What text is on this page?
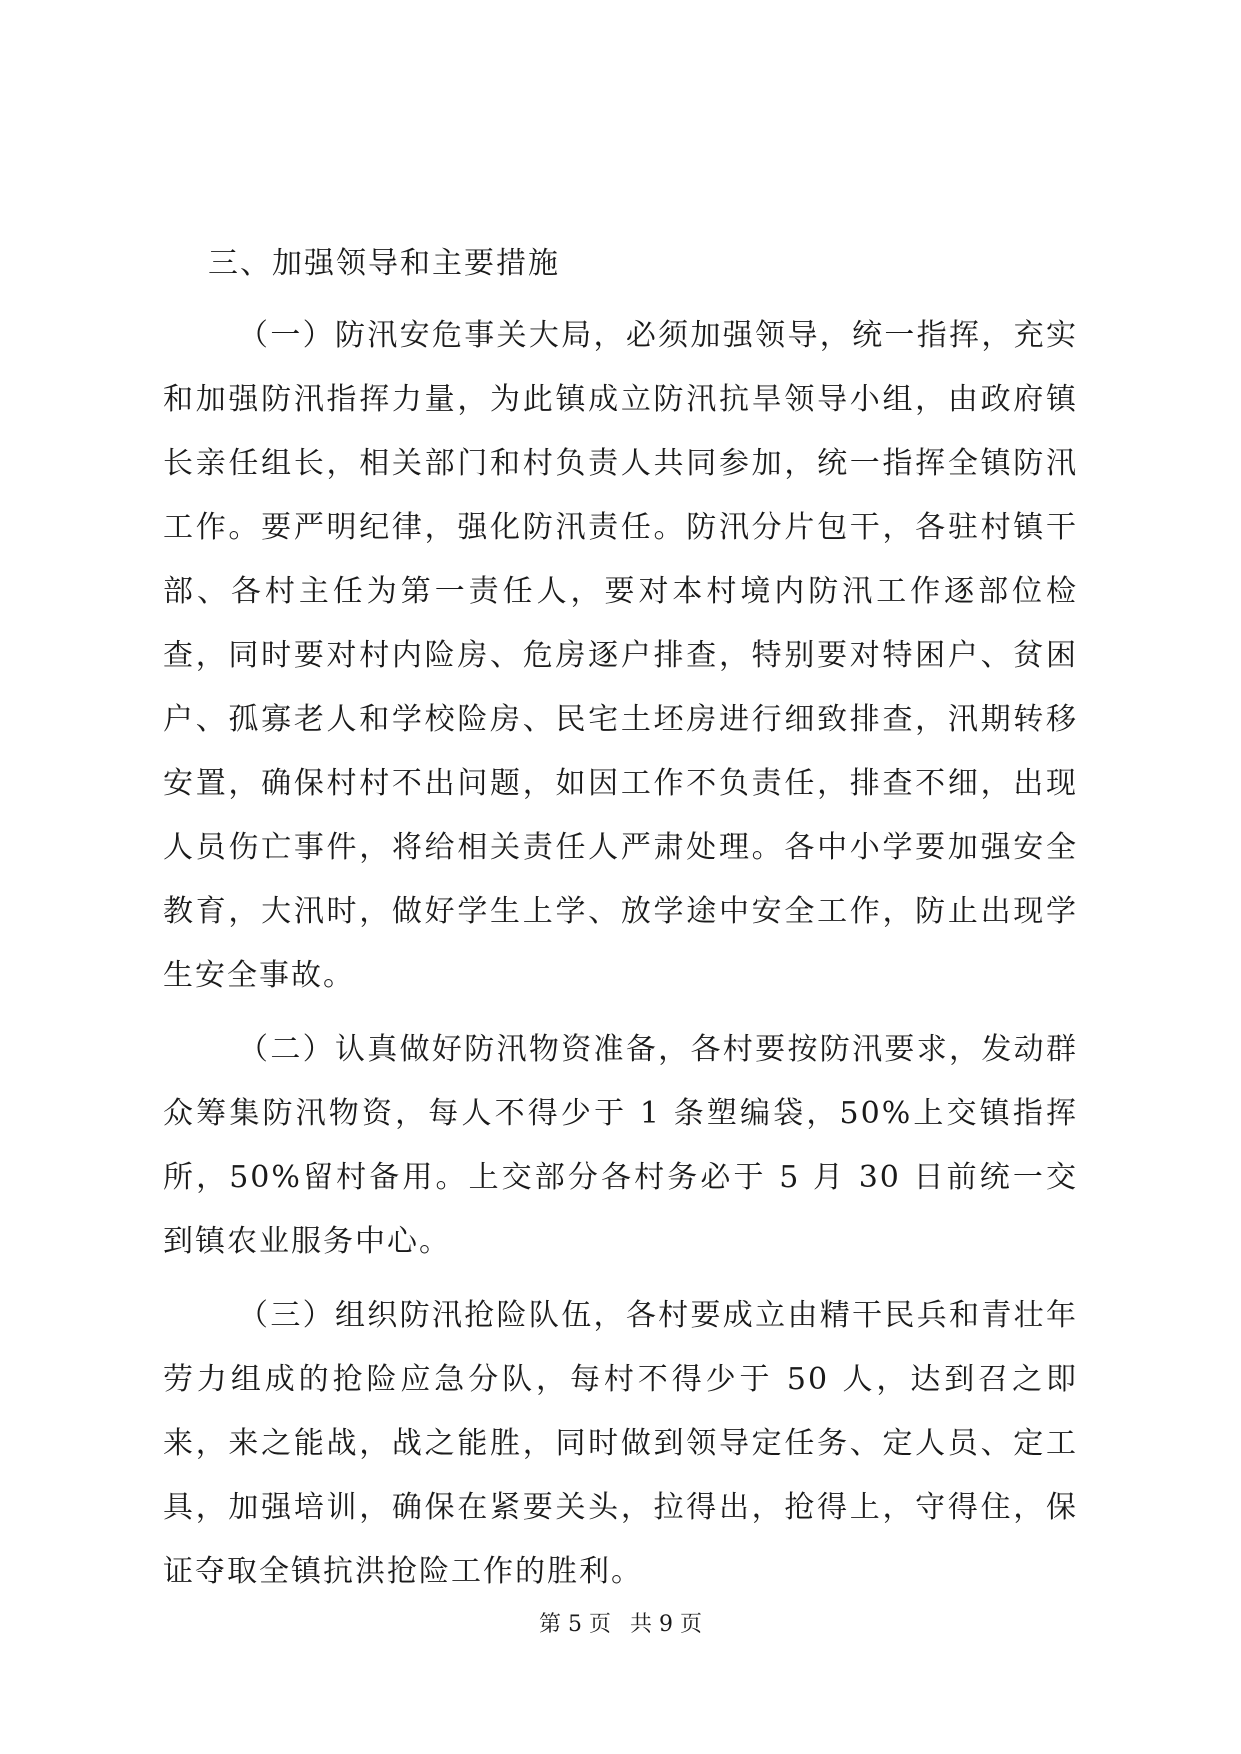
三、加强领导和主要措施

（一）防汛安危事关大局，必须加强领导，统一指挥，充实和加强防汛指挥力量，为此镇成立防汛抗旱领导小组，由政府镇长亲任组长，相关部门和村负责人共同参加，统一指挥全镇防汛工作。要严明纪律，强化防汛责任。防汛分片包干，各驻村镇干部、各村主任为第一责任人，要对本村境内防汛工作逐部位检查，同时要对村内险房、危房逐户排查，特别要对特困户、贫困户、孤寡老人和学校险房、民宅土坯房进行细致排查，汛期转移安置，确保村村不出问题，如因工作不负责任，排查不细，出现人员伤亡事件，将给相关责任人严肃处理。各中小学要加强安全教育，大汛时，做好学生上学、放学途中安全工作，防止出现学生安全事故。

（二）认真做好防汛物资准备，各村要按防汛要求，发动群众筹集防汛物资，每人不得少于 1 条塑编袋，50%上交镇指挥所，50%留村备用。上交部分各村务必于 5 月 30 日前统一交到镇农业服务中心。

（三）组织防汛抢险队伍，各村要成立由精干民兵和青壮年劳力组成的抢险应急分队，每村不得少于 50 人，达到召之即来，来之能战，战之能胜，同时做到领导定任务、定人员、定工具，加强培训，确保在紧要关头，拉得出，抢得上，守得住，保证夺取全镇抗洪抢险工作的胜利。

第 5 页 共 9 页
